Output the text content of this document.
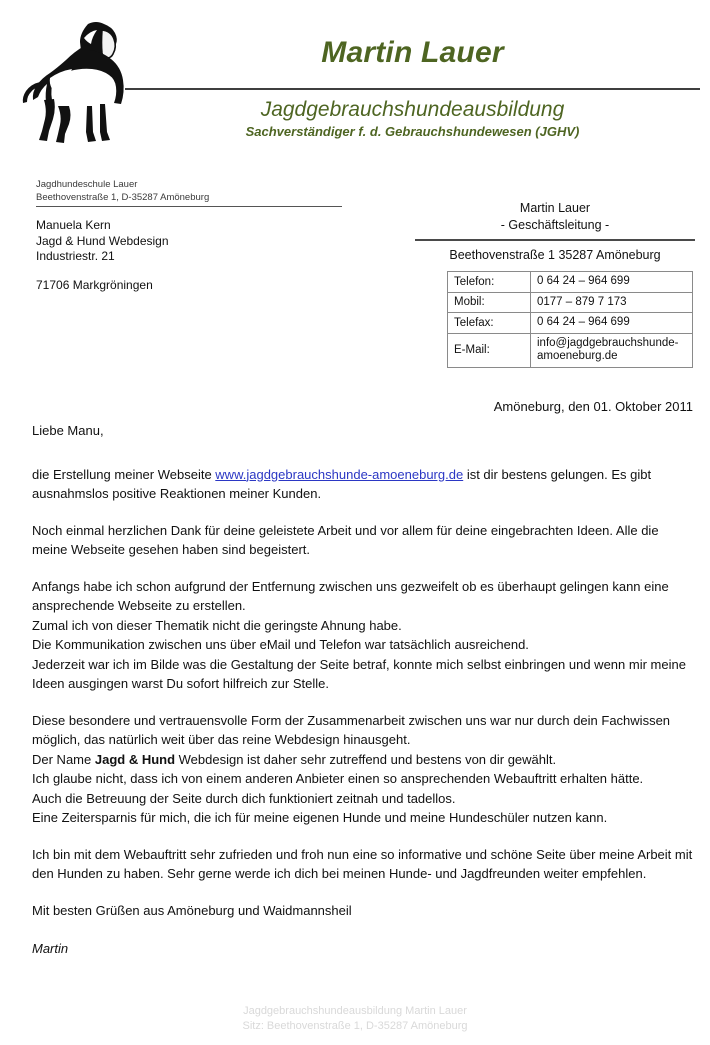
Martin Lauer
Jagdgebrauchshundeausbildung
Sachverständiger f. d. Gebrauchshundewesen (JGHV)
Jagdhundeschule Lauer
Beethovenstraße 1, D-35287 Amöneburg
Manuela Kern
Jagd & Hund Webdesign
Industriestr. 21
71706 Markgröningen
Martin Lauer
- Geschäftsleitung -
Beethovenstraße 1 35287 Amöneburg
Telefon:	0 64 24 – 964 699
Mobil:	0177 – 879 7 173
Telefax:	0 64 24 – 964 699
E-Mail:	info@jagdgebrauchshunde-amoeneburg.de
Amöneburg, den 01. Oktober 2011

Liebe Manu,

die Erstellung meiner Webseite www.jagdgebrauchshunde-amoeneburg.de ist dir bestens gelungen. Es gibt ausnahmslos positive Reaktionen meiner Kunden.

Noch einmal herzlichen Dank für deine geleistete Arbeit und vor allem für deine eingebrachten Ideen. Alle die meine Webseite gesehen haben sind begeistert.

Anfangs habe ich schon aufgrund der Entfernung zwischen uns gezweifelt ob es überhaupt gelingen kann eine ansprechende Webseite zu erstellen.
Zumal ich von dieser Thematik nicht die geringste Ahnung habe.
Die Kommunikation zwischen uns über eMail und Telefon war tatsächlich ausreichend.
Jederzeit war ich im Bilde was die Gestaltung der Seite betraf, konnte mich selbst einbringen und wenn mir meine Ideen ausgingen warst Du sofort hilfreich zur Stelle.

Diese besondere und vertrauensvolle Form der Zusammenarbeit zwischen uns war nur durch dein Fachwissen möglich, das natürlich weit über das reine Webdesign hinausgeht.
Der Name Jagd & Hund Webdesign ist daher sehr zutreffend und bestens von dir gewählt.
Ich glaube nicht, dass ich von einem anderen Anbieter einen so ansprechenden Webauftritt erhalten hätte.
Auch die Betreuung der Seite durch dich funktioniert zeitnah und tadellos.
Eine Zeitersparnis für mich, die ich für meine eigenen Hunde und meine Hundeschüler nutzen kann.

Ich bin mit dem Webauftritt sehr zufrieden und froh nun eine so informative und schöne Seite über meine Arbeit mit den Hunden zu haben. Sehr gerne werde ich dich bei meinen Hunde- und Jagdfreunden weiter empfehlen.

Mit besten Grüßen aus Amöneburg und Waidmannsheil

Martin

Jagdgebrauchshundeausbildung Martin Lauer
Sitz: Beethovenstraße 1, D-35287 Amöneburg
